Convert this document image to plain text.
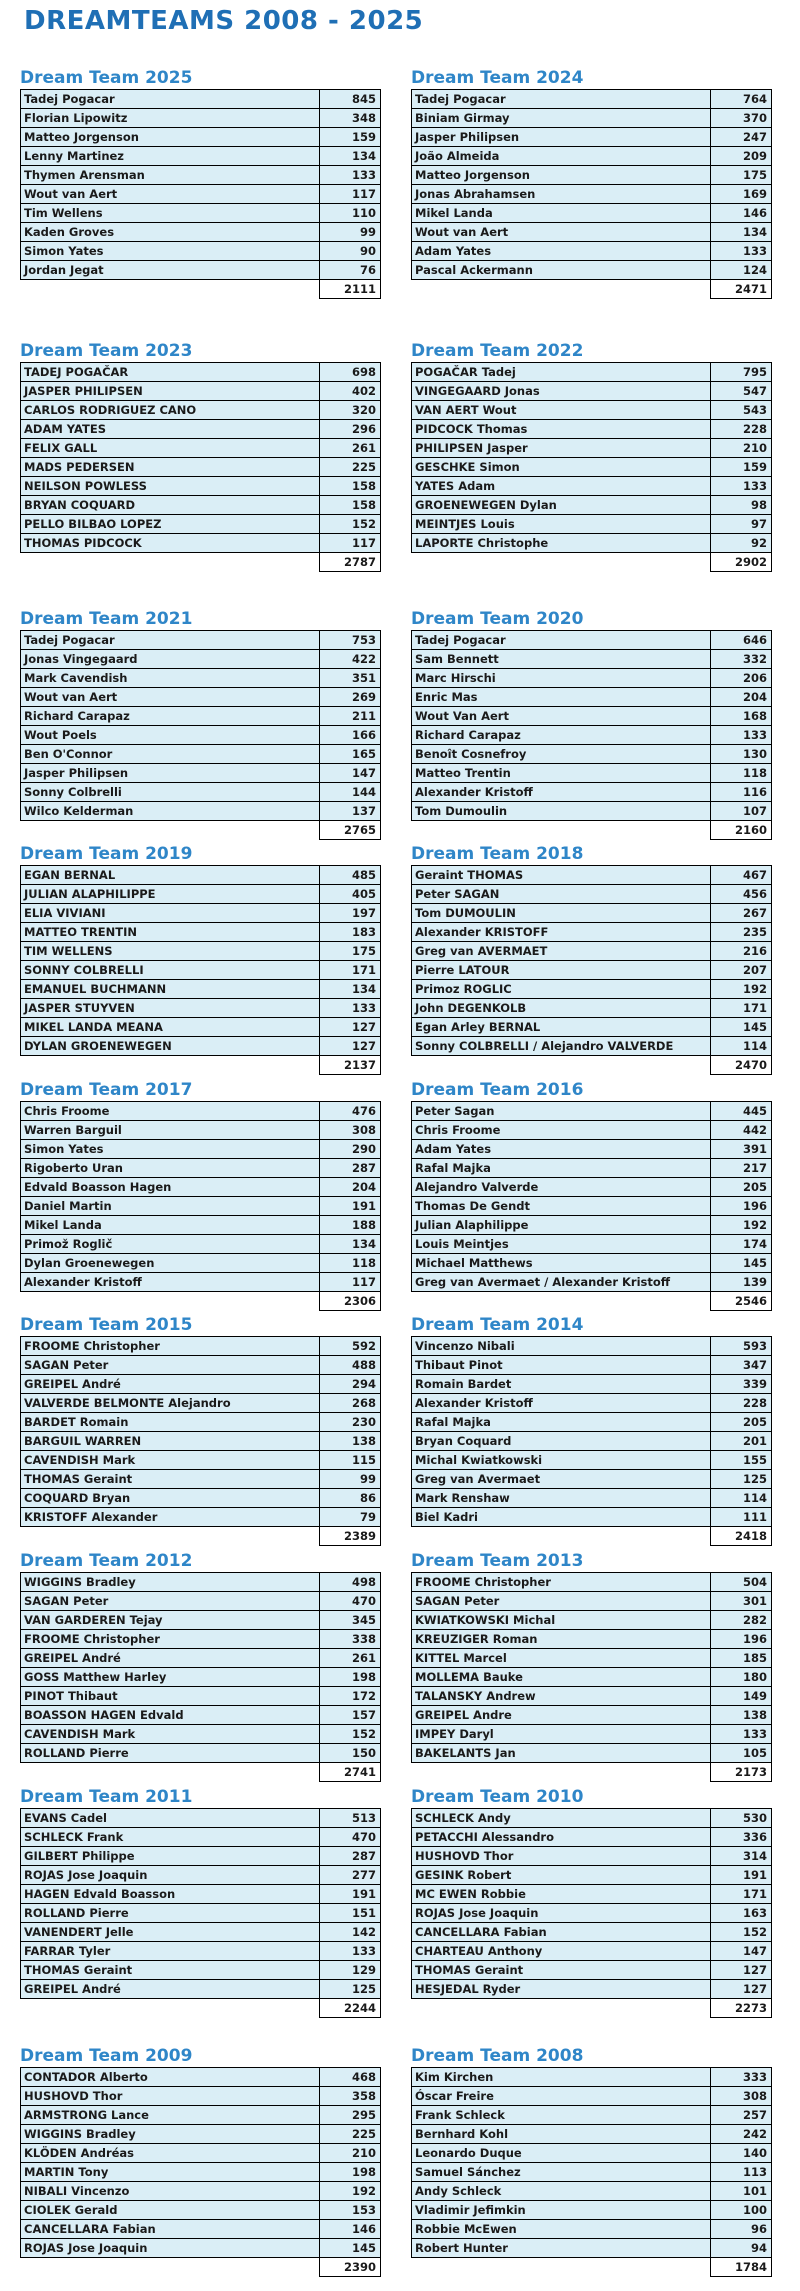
DREAMTEAMS 2008 - 2025
Dream Team 2025
Tadej Pogacar	845
Florian Lipowitz	348
Matteo Jorgenson	159
Lenny Martinez	134
Thymen Arensman	133
Wout van Aert	117
Tim Wellens	110
Kaden Groves	99
Simon Yates	90
Jordan Jegat	76
	2111
Dream Team 2024
Tadej Pogacar	764
Biniam Girmay	370
Jasper Philipsen	247
João Almeida	209
Matteo Jorgenson	175
Jonas Abrahamsen	169
Mikel Landa	146
Wout van Aert	134
Adam Yates	133
Pascal Ackermann	124
	2471
Dream Team 2023
TADEJ POGAČAR	698
JASPER PHILIPSEN	402
CARLOS RODRIGUEZ CANO	320
ADAM YATES	296
FELIX GALL	261
MADS PEDERSEN	225
NEILSON POWLESS	158
BRYAN COQUARD	158
PELLO BILBAO LOPEZ	152
THOMAS PIDCOCK	117
	2787
Dream Team 2022
POGAČAR Tadej	795
VINGEGAARD Jonas	547
VAN AERT Wout	543
PIDCOCK Thomas	228
PHILIPSEN Jasper	210
GESCHKE Simon	159
YATES Adam	133
GROENEWEGEN Dylan	98
MEINTJES Louis	97
LAPORTE Christophe	92
	2902
Dream Team 2021
Tadej Pogacar	753
Jonas Vingegaard	422
Mark Cavendish	351
Wout van Aert	269
Richard Carapaz	211
Wout Poels	166
Ben O'Connor	165
Jasper Philipsen	147
Sonny Colbrelli	144
Wilco Kelderman	137
	2765
Dream Team 2020
Tadej Pogacar	646
Sam Bennett	332
Marc Hirschi	206
Enric Mas	204
Wout Van Aert	168
Richard Carapaz	133
Benoît Cosnefroy	130
Matteo Trentin	118
Alexander Kristoff	116
Tom Dumoulin	107
	2160
Dream Team 2019
EGAN BERNAL	485
JULIAN ALAPHILIPPE	405
ELIA VIVIANI	197
MATTEO TRENTIN	183
TIM WELLENS	175
SONNY COLBRELLI	171
EMANUEL BUCHMANN	134
JASPER STUYVEN	133
MIKEL LANDA MEANA	127
DYLAN GROENEWEGEN	127
	2137
Dream Team 2018
Geraint THOMAS	467
Peter SAGAN	456
Tom DUMOULIN	267
Alexander KRISTOFF	235
Greg van AVERMAET	216
Pierre LATOUR	207
Primoz ROGLIC	192
John DEGENKOLB	171
Egan Arley BERNAL	145
Sonny COLBRELLI / Alejandro VALVERDE	114
	2470
Dream Team 2017
Chris Froome	476
Warren Barguil	308
Simon Yates	290
Rigoberto Uran	287
Edvald Boasson Hagen	204
Daniel Martin	191
Mikel Landa	188
Primož Roglič	134
Dylan Groenewegen	118
Alexander Kristoff	117
	2306
Dream Team 2016
Peter Sagan	445
Chris Froome	442
Adam Yates	391
Rafal Majka	217
Alejandro Valverde	205
Thomas De Gendt	196
Julian Alaphilippe	192
Louis Meintjes	174
Michael Matthews	145
Greg van Avermaet / Alexander Kristoff	139
	2546
Dream Team 2015
FROOME Christopher	592
SAGAN Peter	488
GREIPEL André	294
VALVERDE BELMONTE Alejandro	268
BARDET Romain	230
BARGUIL WARREN	138
CAVENDISH Mark	115
THOMAS Geraint	99
COQUARD Bryan	86
KRISTOFF Alexander	79
	2389
Dream Team 2014
Vincenzo Nibali	593
Thibaut Pinot	347
Romain Bardet	339
Alexander Kristoff	228
Rafal Majka	205
Bryan Coquard	201
Michal Kwiatkowski	155
Greg van Avermaet	125
Mark Renshaw	114
Biel Kadri	111
	2418
Dream Team 2012
WIGGINS Bradley	498
SAGAN Peter	470
VAN GARDEREN Tejay	345
FROOME Christopher	338
GREIPEL André	261
GOSS Matthew Harley	198
PINOT Thibaut	172
BOASSON HAGEN Edvald	157
CAVENDISH Mark	152
ROLLAND Pierre	150
	2741
Dream Team 2013
FROOME Christopher	504
SAGAN Peter	301
KWIATKOWSKI Michal	282
KREUZIGER Roman	196
KITTEL Marcel	185
MOLLEMA Bauke	180
TALANSKY Andrew	149
GREIPEL Andre	138
IMPEY Daryl	133
BAKELANTS Jan	105
	2173
Dream Team 2011
EVANS Cadel	513
SCHLECK Frank	470
GILBERT Philippe	287
ROJAS Jose Joaquin	277
HAGEN Edvald Boasson	191
ROLLAND Pierre	151
VANENDERT Jelle	142
FARRAR Tyler	133
THOMAS Geraint	129
GREIPEL André	125
	2244
Dream Team 2010
SCHLECK Andy	530
PETACCHI Alessandro	336
HUSHOVD Thor	314
GESINK Robert	191
MC EWEN Robbie	171
ROJAS Jose Joaquin	163
CANCELLARA Fabian	152
CHARTEAU Anthony	147
THOMAS Geraint	127
HESJEDAL Ryder	127
	2273
Dream Team 2009
CONTADOR Alberto	468
HUSHOVD Thor	358
ARMSTRONG Lance	295
WIGGINS Bradley	225
KLÖDEN Andréas	210
MARTIN Tony	198
NIBALI Vincenzo	192
CIOLEK Gerald	153
CANCELLARA Fabian	146
ROJAS Jose Joaquin	145
	2390
Dream Team 2008
Kim Kirchen	333
Óscar Freire	308
Frank Schleck	257
Bernhard Kohl	242
Leonardo Duque	140
Samuel Sánchez	113
Andy Schleck	101
Vladimir Jefimkin	100
Robbie McEwen	96
Robert Hunter	94
	1784
